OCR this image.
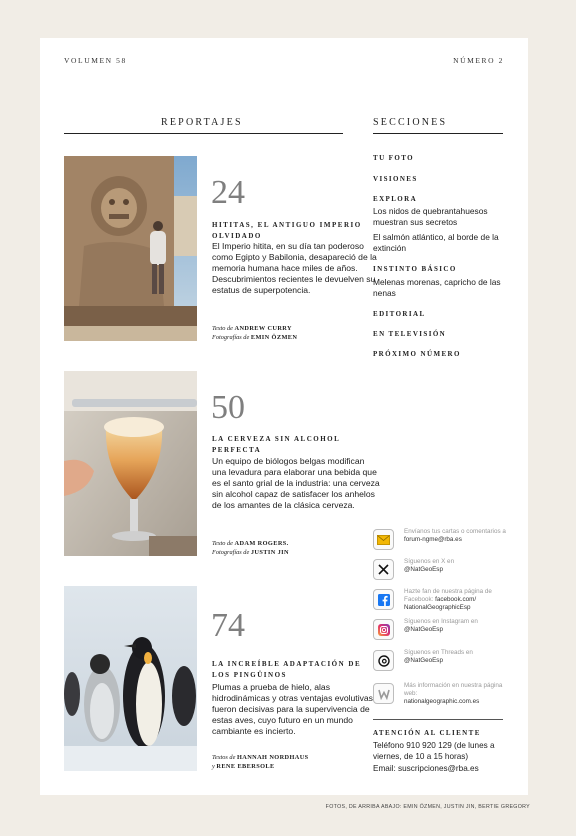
VOLUMEN 58	NÚMERO 2
REPORTAJES	SECCIONES
24
HITITAS, EL ANTIGUO IMPERIO OLVIDADO
El Imperio hitita, en su día tan poderoso como Egipto y Babilonia, desapareció de la memoria humana hace miles de años. Descubrimientos recientes le devuelven su estatus de superpotencia.
Texto de ANDREW CURRY
Fotografías de EMIN ÖZMEN
50
LA CERVEZA SIN ALCOHOL PERFECTA
Un equipo de biólogos belgas modifican una levadura para elaborar una bebida que es el santo grial de la industria: una cerveza sin alcohol capaz de satisfacer los anhelos de los amantes de la clásica cerveza.
Texto de ADAM ROGERS.
Fotografías de JUSTIN JIN
74
LA INCREÍBLE ADAPTACIÓN DE LOS PINGÜINOS
Plumas a prueba de hielo, alas hidrodinámicas y otras ventajas evolutivas fueron decisivas para la supervivencia de estas aves, cuyo futuro en un mundo cambiante es incierto.
Textos de HANNAH NORDHAUS
y RENE EBERSOLE
TU FOTO
VISIONES
EXPLORA
Los nidos de quebrantahuesos muestran sus secretos
El salmón atlántico, al borde de la extinción
INSTINTO BÁSICO
Melenas morenas, capricho de las nenas
EDITORIAL
EN TELEVISIÓN
PRÓXIMO NÚMERO
Envíanos tus cartas o comentarios a
forum-ngme@rba.es
Síguenos en X en
@NatGeoEsp
Hazte fan de nuestra página de Facebook: facebook.com/ NationalGeographicEsp
Síguenos en Instagram en
@NatGeoEsp
Síguenos en Threads en
@NatGeoEsp
Más información en nuestra página web:
nationalgeographic.com.es
ATENCIÓN AL CLIENTE
Teléfono 910 920 129 (de lunes a viernes, de 10 a 15 horas)
Email: suscripciones@rba.es
FOTOS, DE ARRIBA ABAJO: EMIN ÖZMEN, JUSTIN JIN, BERTIE GREGORY
